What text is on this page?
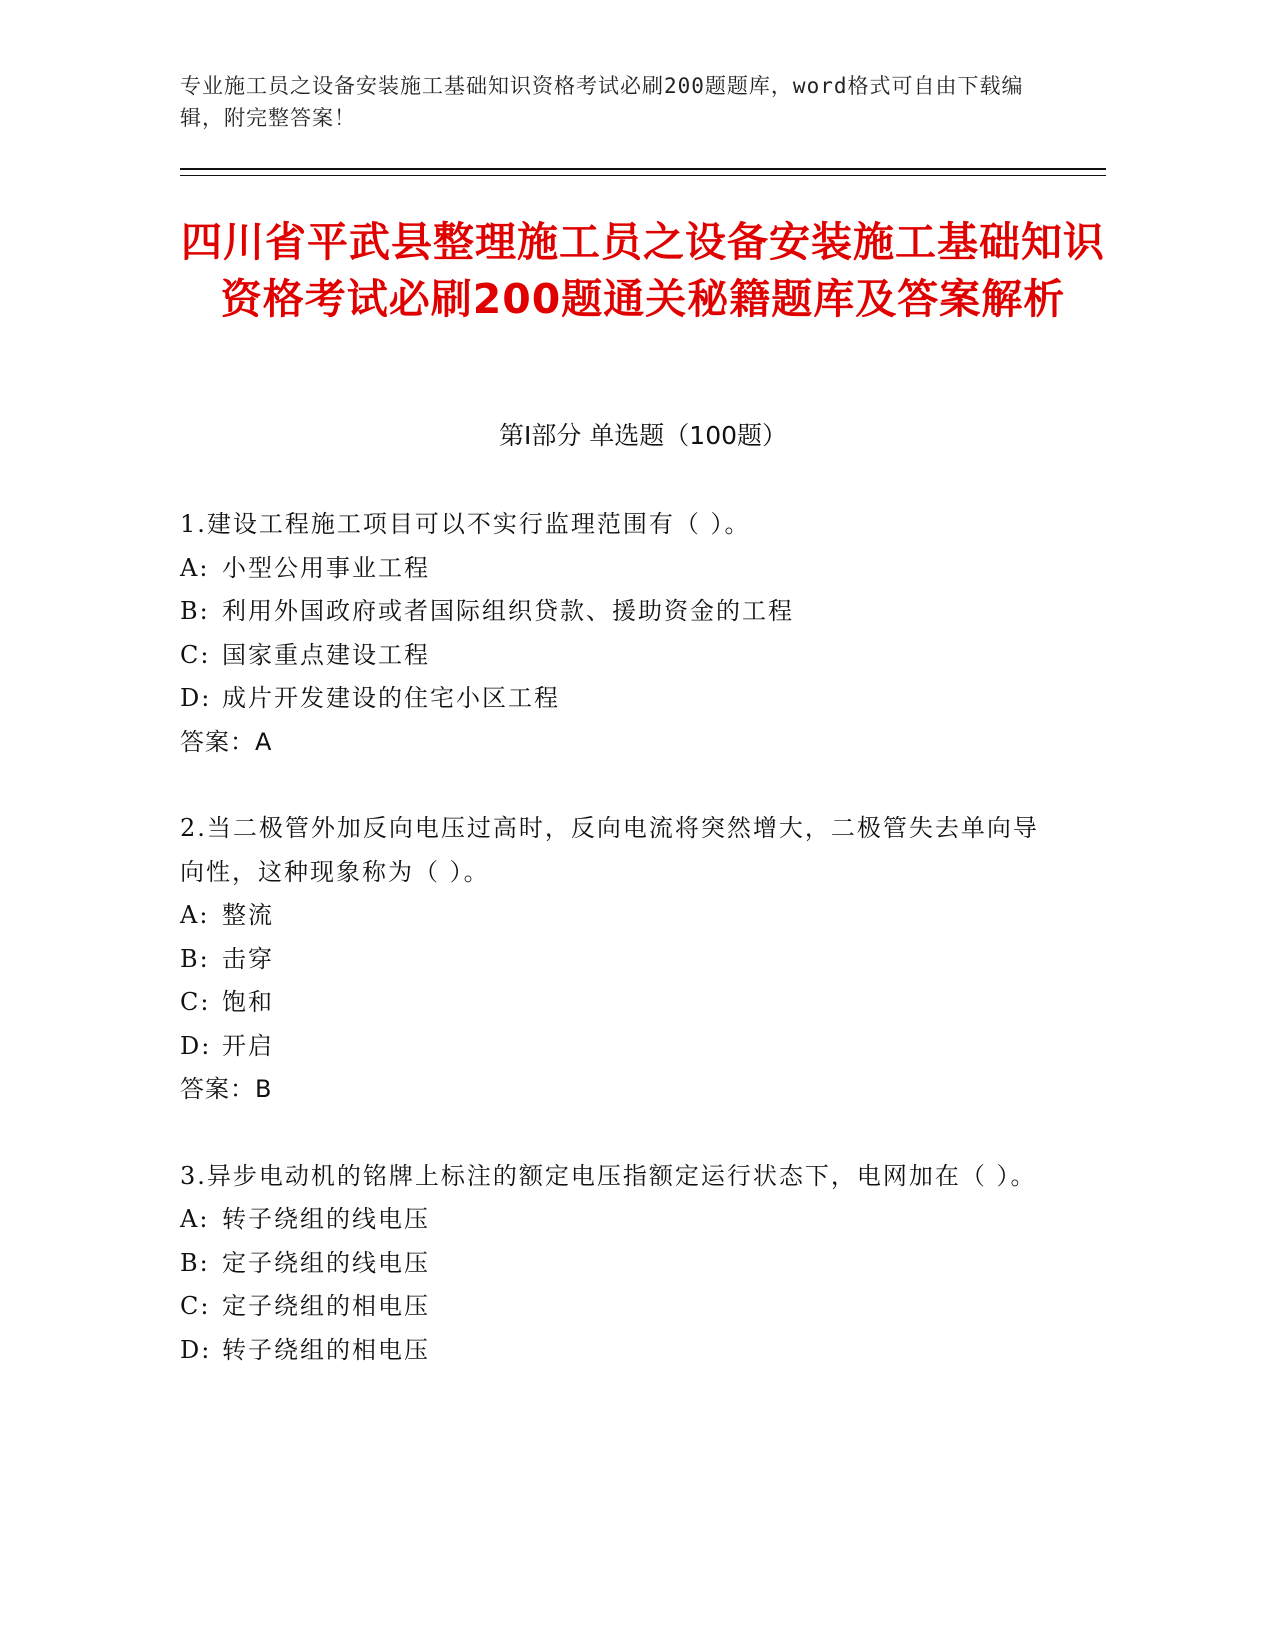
专业施工员之设备安装施工基础知识资格考试必刷200题题库，word格式可自由下载编辑，附完整答案！
四川省平武县整理施工员之设备安装施工基础知识资格考试必刷200题通关秘籍题库及答案解析
第Ⅰ部分 单选题（100题）
1.建设工程施工项目可以不实行监理范围有（ ）。
A: 小型公用事业工程
B: 利用外国政府或者国际组织贷款、援助资金的工程
C: 国家重点建设工程
D: 成片开发建设的住宅小区工程
答案：A
2.当二极管外加反向电压过高时，反向电流将突然增大，二极管失去单向导向性，这种现象称为（ ）。
A: 整流
B: 击穿
C: 饱和
D: 开启
答案：B
3.异步电动机的铭牌上标注的额定电压指额定运行状态下，电网加在（ ）。
A: 转子绕组的线电压
B: 定子绕组的线电压
C: 定子绕组的相电压
D: 转子绕组的相电压
